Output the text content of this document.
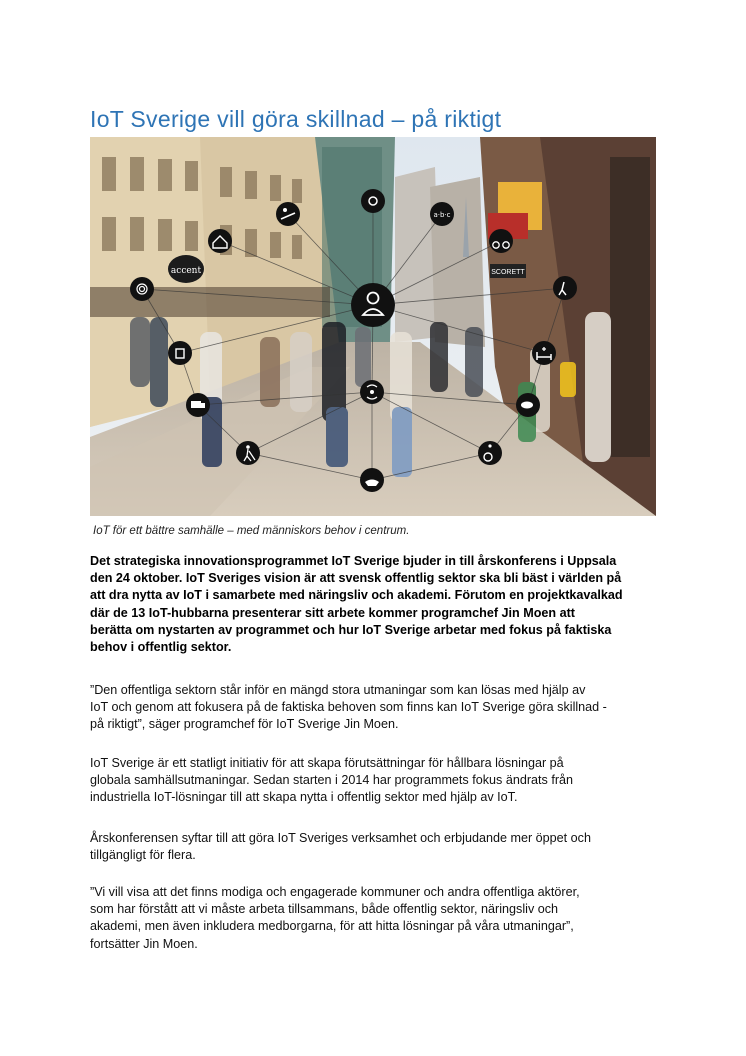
IoT Sverige vill göra skillnad – på riktigt
accent	SCORETT
a·b·c
IoT för ett bättre samhälle – med människors behov i centrum.
Det strategiska innovationsprogrammet IoT Sverige bjuder in till årskonferens i Uppsala
den 24 oktober. IoT Sveriges vision är att svensk offentlig sektor ska bli bäst i världen på
att dra nytta av IoT i samarbete med näringsliv och akademi. Förutom en projektkavalkad
där de 13 IoT-hubbarna presenterar sitt arbete kommer programchef Jin Moen att
berätta om nystarten av programmet och hur IoT Sverige arbetar med fokus på faktiska
behov i offentlig sektor.
”Den offentliga sektorn står inför en mängd stora utmaningar som kan lösas med hjälp av
IoT och genom att fokusera på de faktiska behoven som finns kan IoT Sverige göra skillnad -
på riktigt”, säger programchef för IoT Sverige Jin Moen.
IoT Sverige är ett statligt initiativ för att skapa förutsättningar för hållbara lösningar på
globala samhällsutmaningar. Sedan starten i 2014 har programmets fokus ändrats från
industriella IoT-lösningar till att skapa nytta i offentlig sektor med hjälp av IoT.
Årskonferensen syftar till att göra IoT Sveriges verksamhet och erbjudande mer öppet och
tillgängligt för flera.
”Vi vill visa att det finns modiga och engagerade kommuner och andra offentliga aktörer,
som har förstått att vi måste arbeta tillsammans, både offentlig sektor, näringsliv och
akademi, men även inkludera medborgarna, för att hitta lösningar på våra utmaningar”,
fortsätter Jin Moen.
